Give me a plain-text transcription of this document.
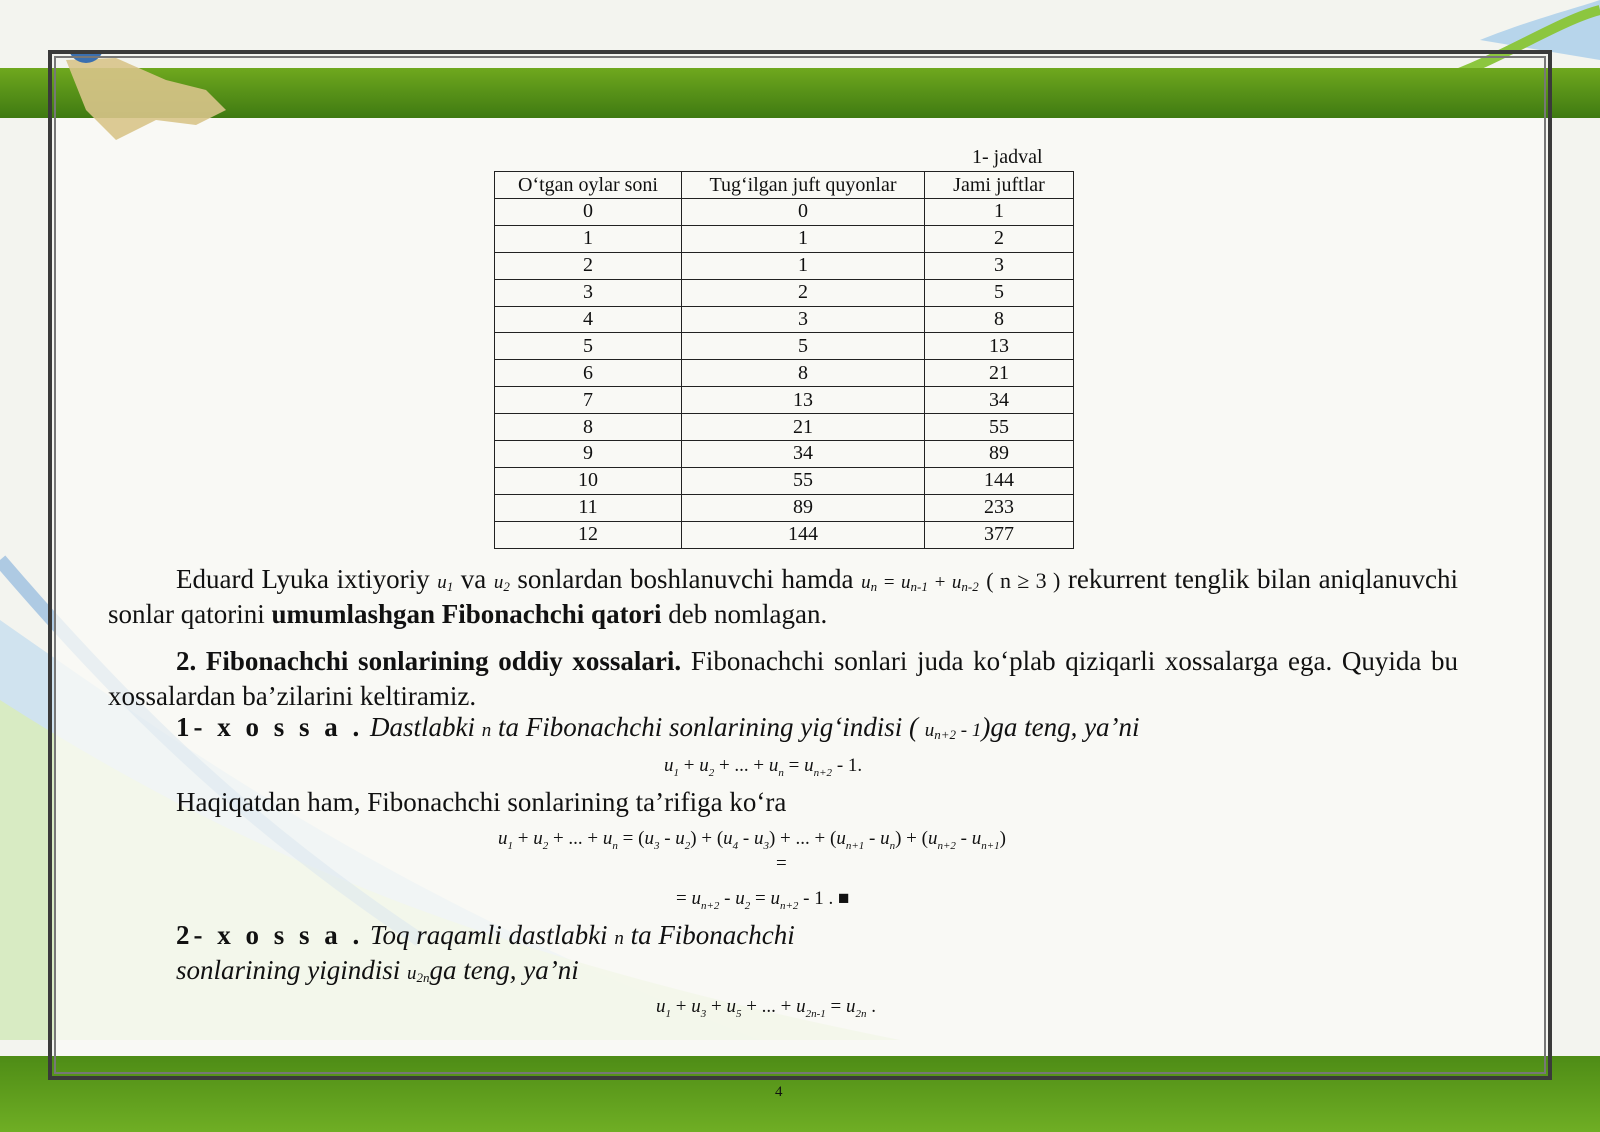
1- jadval
O‘tgan oylar soni	Tug‘ilgan juft quyonlar	Jami juftlar
0	0	1
1	1	2
2	1	3
3	2	5
4	3	8
5	5	13
6	8	21
7	13	34
8	21	55
9	34	89
10	55	144
11	89	233
12	144	377
Eduard Lyuka ixtiyoriy $u_1$ va $u_2$ sonlardan boshlanuvchi hamda $u_n = u_{n-1} + u_{n-2}$ ( n ≥ 3 ) rekurrent tenglik bilan aniqlanuvchi sonlar qatorini umumlashgan Fibonachchi qatori deb nomlagan.
2. Fibonachchi sonlarining oddiy xossalari. Fibonachchi sonlari juda ko‘plab qiziqarli xossalarga ega. Quyida bu xossalardan ba’zilarini keltiramiz.
1- x o s s a . Dastlabki n ta Fibonachchi sonlarining yig‘indisi ( $u_{n+2} - 1)ga$ teng, ya’ni
$u_1 + u_2$ + ... + $u_n = u_{n+2} - 1$.
Haqiqatdan ham, Fibonachchi sonlarining ta’rifiga ko‘ra
$u_1 + u_2$ + ... + $u_n = (u_3 - u_2) + (u_4 - u_3)$ + ... + $(u_{n+1} - u_n) + (u_{n+2} - u_{n+1})$
=
= $u_{n+2} - u_2 = u_{n+2} - 1$ . ■
2- x o s s a . Toq raqamli dastlabki n ta Fibonachchi
sonlarining yigindisi $u_{2n}ga$ teng, ya’ni
$u_1 + u_3 + u_5$ + ... + $u_{2n-1} = u_{2n}$ .
4
